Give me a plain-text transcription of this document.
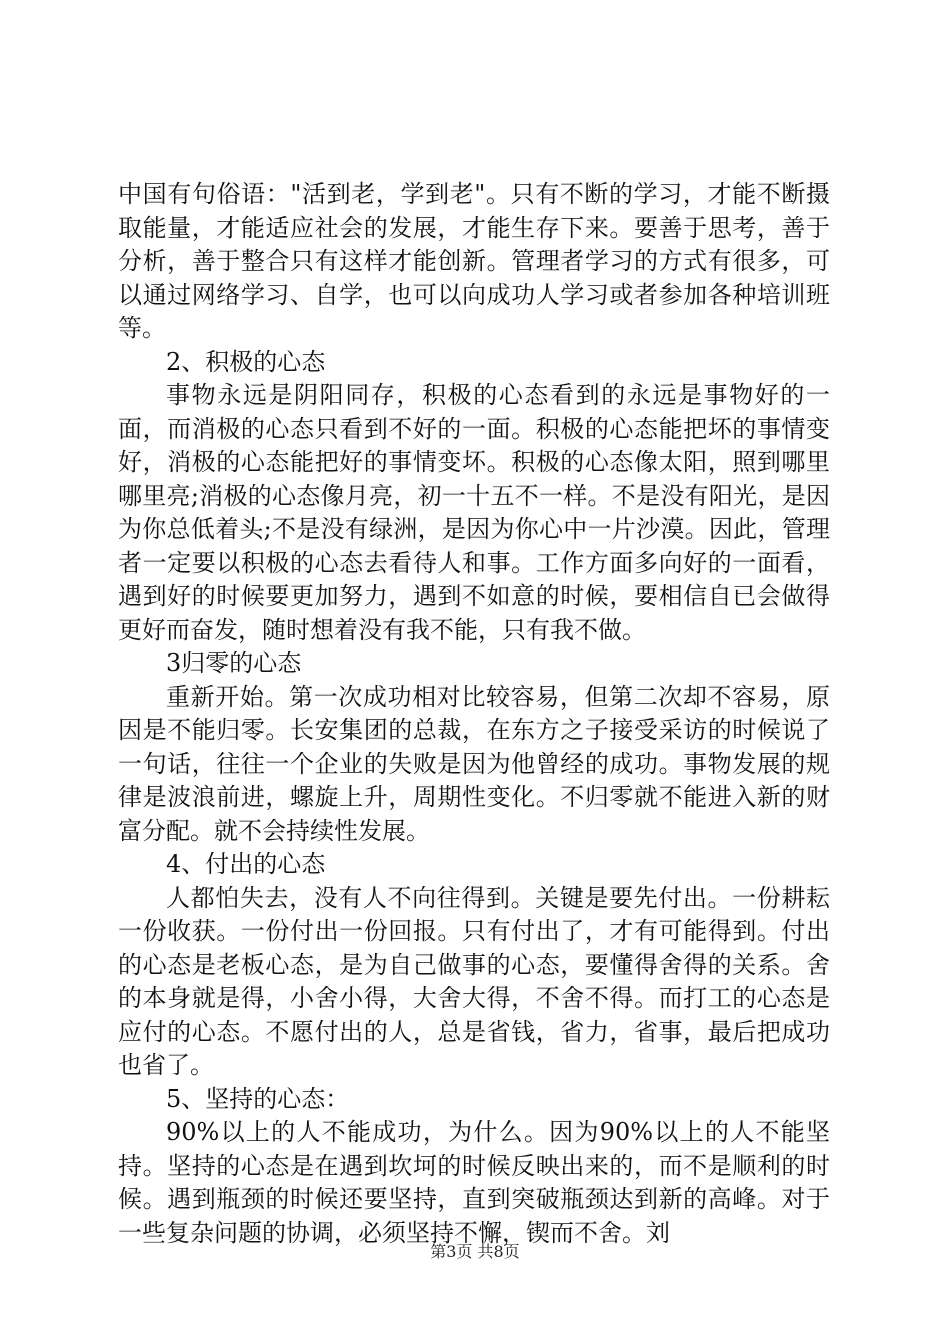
中国有句俗语："活到老，学到老"。只有不断的学习，才能不断摄取能量，才能适应社会的发展，才能生存下来。要善于思考，善于分析，善于整合只有这样才能创新。管理者学习的方式有很多，可以通过网络学习、自学，也可以向成功人学习或者参加各种培训班等。

2、积极的心态

事物永远是阴阳同存，积极的心态看到的永远是事物好的一面，而消极的心态只看到不好的一面。积极的心态能把坏的事情变好，消极的心态能把好的事情变坏。积极的心态像太阳，照到哪里哪里亮;消极的心态像月亮，初一十五不一样。不是没有阳光，是因为你总低着头;不是没有绿洲，是因为你心中一片沙漠。因此，管理者一定要以积极的心态去看待人和事。工作方面多向好的一面看，遇到好的时候要更加努力，遇到不如意的时候，要相信自已会做得更好而奋发，随时想着没有我不能，只有我不做。

3归零的心态

重新开始。第一次成功相对比较容易，但第二次却不容易，原因是不能归零。长安集团的总裁，在东方之子接受采访的时候说了一句话，往往一个企业的失败是因为他曾经的成功。事物发展的规律是波浪前进，螺旋上升，周期性变化。不归零就不能进入新的财富分配。就不会持续性发展。

4、付出的心态

人都怕失去，没有人不向往得到。关键是要先付出。一份耕耘一份收获。一份付出一份回报。只有付出了，才有可能得到。付出的心态是老板心态，是为自己做事的心态，要懂得舍得的关系。舍的本身就是得，小舍小得，大舍大得，不舍不得。而打工的心态是应付的心态。不愿付出的人，总是省钱，省力，省事，最后把成功也省了。

5、坚持的心态：

90%以上的人不能成功，为什么。因为90%以上的人不能坚持。坚持的心态是在遇到坎坷的时候反映出来的，而不是顺利的时候。遇到瓶颈的时候还要坚持，直到突破瓶颈达到新的高峰。对于一些复杂问题的协调，必须坚持不懈，锲而不舍。刘

第3页 共8页
